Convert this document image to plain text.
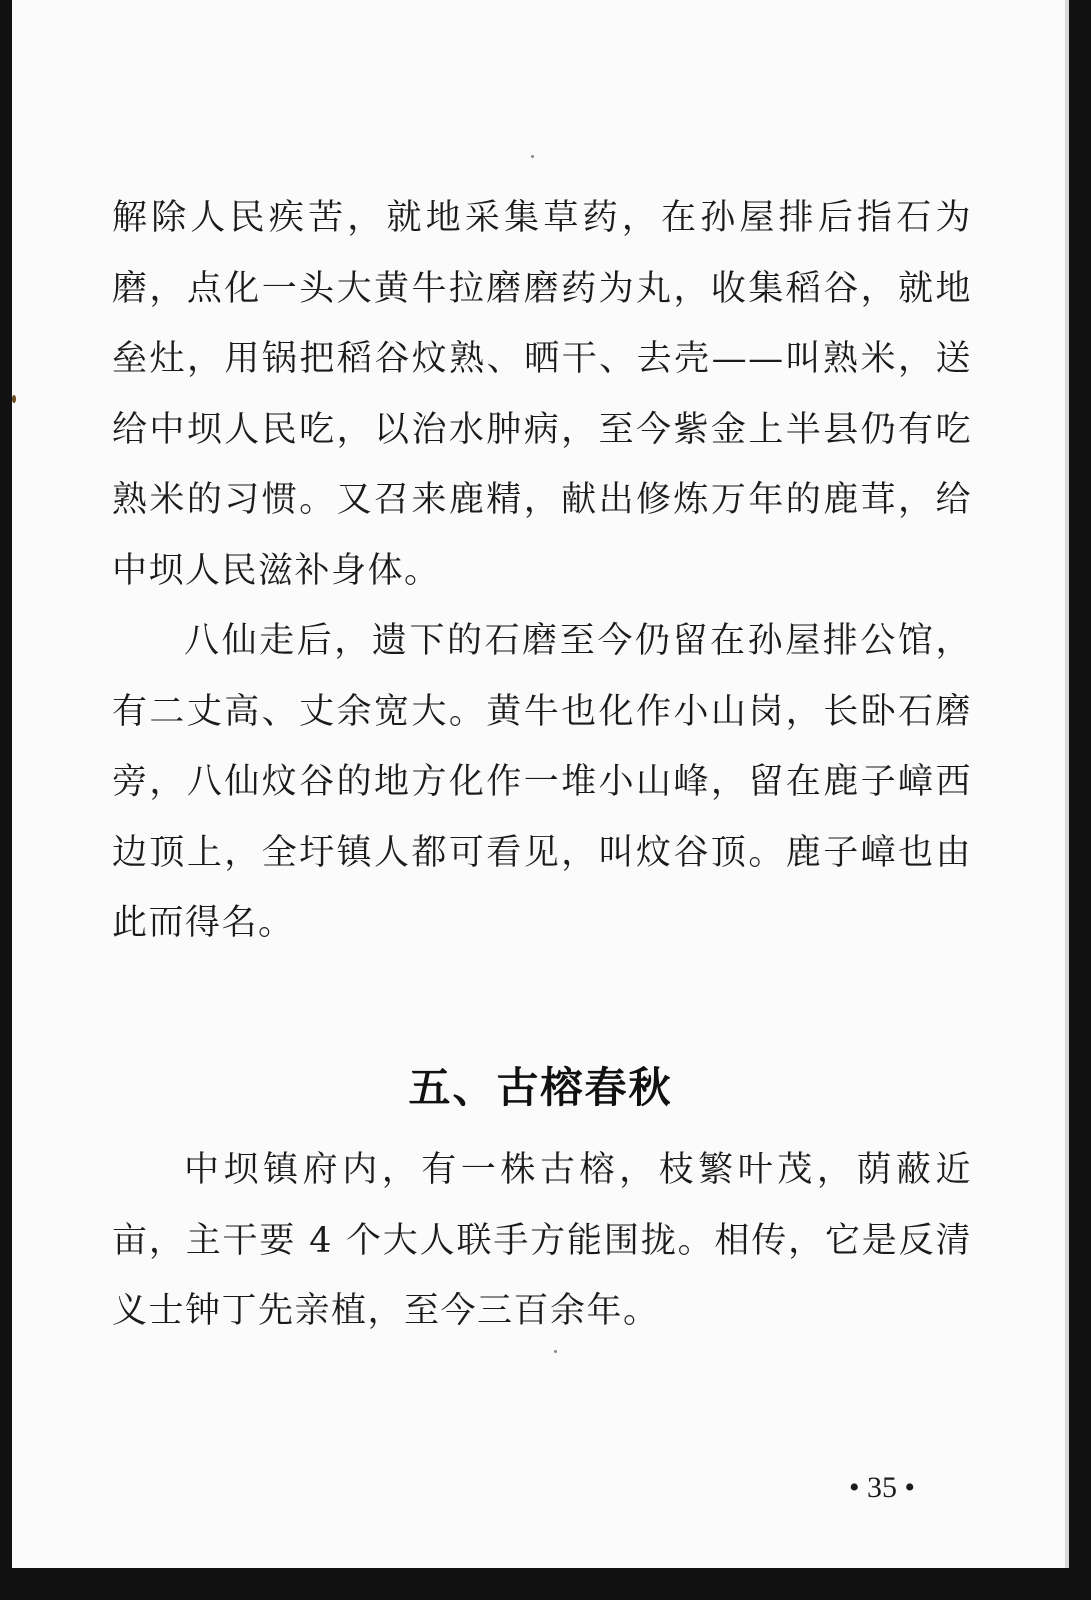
解除人民疾苦，就地采集草药，在孙屋排后指石为磨，点化一头大黄牛拉磨磨药为丸，收集稻谷，就地垒灶，用锅把稻谷炆熟、晒干、去壳——叫熟米，送给中坝人民吃，以治水肿病，至今紫金上半县仍有吃熟米的习惯。又召来鹿精，献出修炼万年的鹿茸，给中坝人民滋补身体。

八仙走后，遗下的石磨至今仍留在孙屋排公馆，有二丈高、丈余宽大。黄牛也化作小山岗，长卧石磨旁，八仙炆谷的地方化作一堆小山峰，留在鹿子嶂西边顶上，全圩镇人都可看见，叫炆谷顶。鹿子嶂也由此而得名。

五、古榕春秋

中坝镇府内，有一株古榕，枝繁叶茂，荫蔽近亩，主干要 4 个大人联手方能围拢。相传，它是反清义士钟丁先亲植，至今三百余年。

• 35 •
